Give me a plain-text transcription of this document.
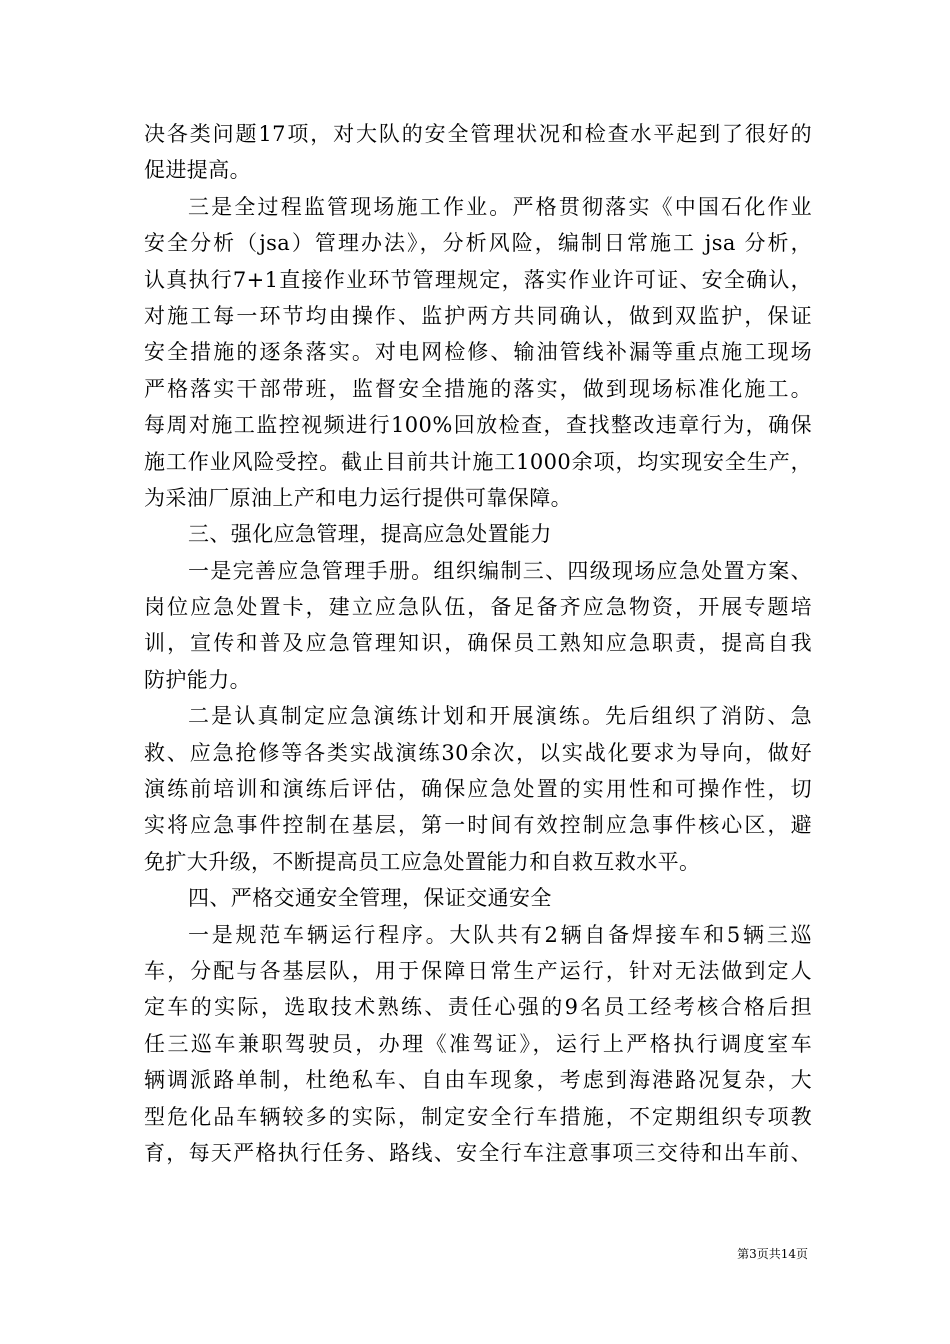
决各类问题17项，对大队的安全管理状况和检查水平起到了很好的
促进提高。
三是全过程监管现场施工作业。严格贯彻落实《中国石化作业
安全分析（jsa）管理办法》，分析风险，编制日常施工 jsa 分析，
认真执行7+1直接作业环节管理规定，落实作业许可证、安全确认，
对施工每一环节均由操作、监护两方共同确认，做到双监护，保证
安全措施的逐条落实。对电网检修、输油管线补漏等重点施工现场
严格落实干部带班，监督安全措施的落实，做到现场标准化施工。
每周对施工监控视频进行100%回放检查，查找整改违章行为，确保
施工作业风险受控。截止目前共计施工1000余项，均实现安全生产，
为采油厂原油上产和电力运行提供可靠保障。
三、强化应急管理，提高应急处置能力
一是完善应急管理手册。组织编制三、四级现场应急处置方案、
岗位应急处置卡，建立应急队伍，备足备齐应急物资，开展专题培
训，宣传和普及应急管理知识，确保员工熟知应急职责，提高自我
防护能力。
二是认真制定应急演练计划和开展演练。先后组织了消防、急
救、应急抢修等各类实战演练30余次，以实战化要求为导向，做好
演练前培训和演练后评估，确保应急处置的实用性和可操作性，切
实将应急事件控制在基层，第一时间有效控制应急事件核心区，避
免扩大升级，不断提高员工应急处置能力和自救互救水平。
四、严格交通安全管理，保证交通安全
一是规范车辆运行程序。大队共有2辆自备焊接车和5辆三巡
车，分配与各基层队，用于保障日常生产运行，针对无法做到定人
定车的实际，选取技术熟练、责任心强的9名员工经考核合格后担
任三巡车兼职驾驶员，办理《准驾证》，运行上严格执行调度室车
辆调派路单制，杜绝私车、自由车现象，考虑到海港路况复杂，大
型危化品车辆较多的实际，制定安全行车措施，不定期组织专项教
育，每天严格执行任务、路线、安全行车注意事项三交待和出车前、
第3页共14页
